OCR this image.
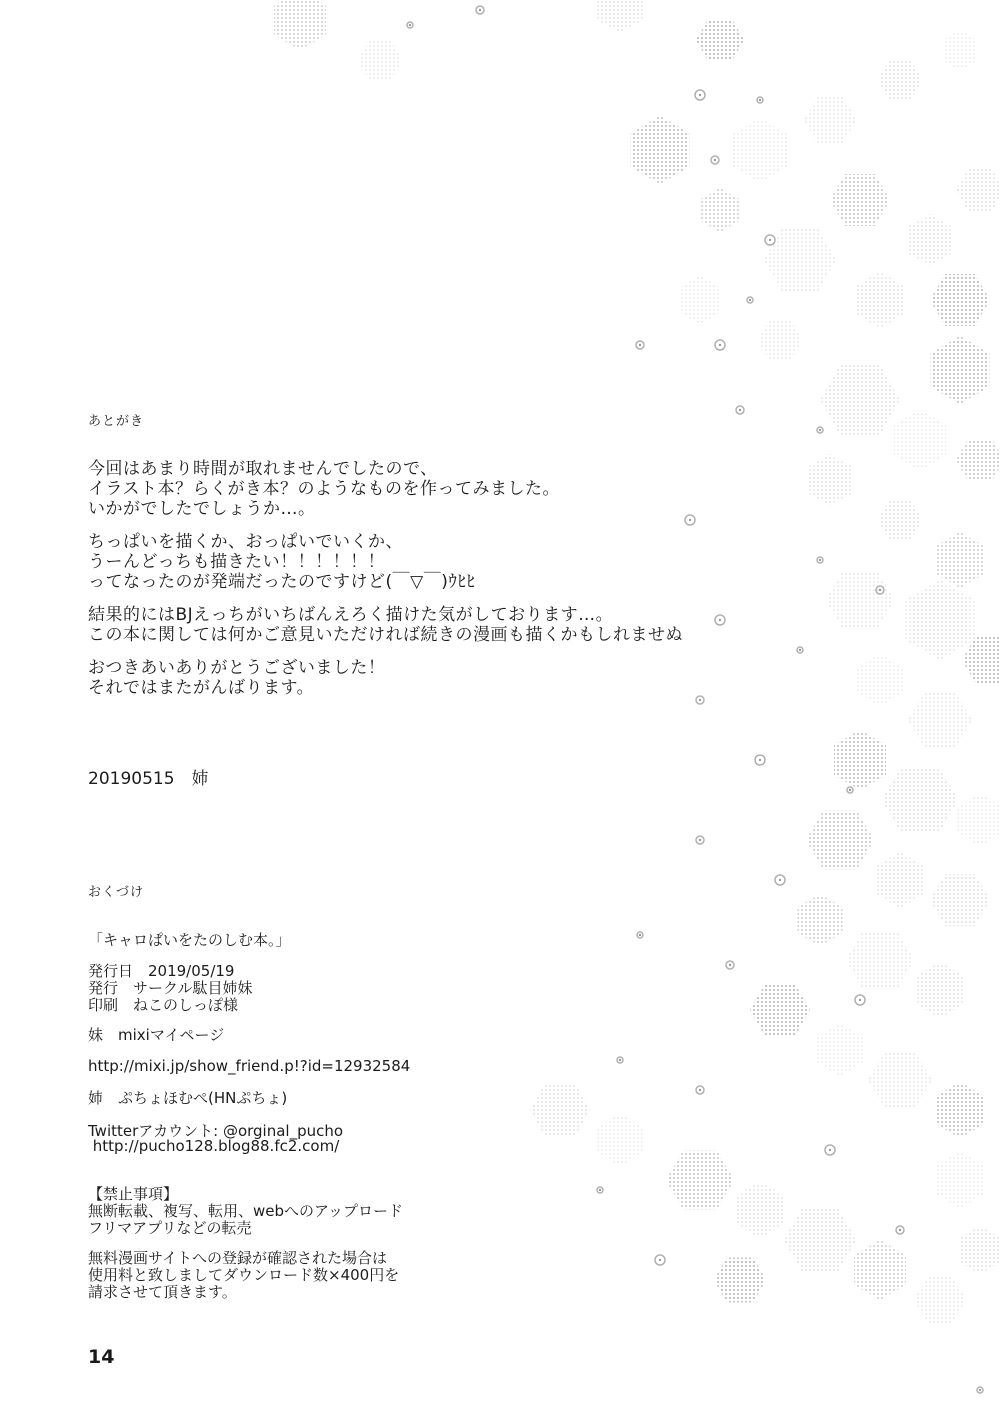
あとがき
今回はあまり時間が取れませんでしたので、
イラスト本？らくがき本？のようなものを作ってみました。
いかがでしたでしょうか…。
ちっぱいを描くか、おっぱいでいくか、
うーんどっちも描きたい！！！！！！
ってなったのが発端だったのですけど(￣▽￣)ｳﾋﾋ
結果的にはBJえっちがいちばんえろく描けた気がしております…。
この本に関しては何かご意見いただければ続きの漫画も描くかもしれませぬ
おつきあいありがとうございました！
それではまたがんばります。
20190515　姉
おくづけ
「キャロぱいをたのしむ本。」
発行日　2019/05/19
発行　サークル駄目姉妹
印刷　ねこのしっぽ様
妹　mixiマイページ
http://mixi.jp/show_friend.p!?id=12932584
姉　ぷちょほむぺ(HNぷちょ)
Twitterアカウント: @orginal_pucho
http://pucho128.blog88.fc2.com/
【禁止事項】
無断転載、複写、転用、webへのアップロード
フリマアプリなどの転売
無料漫画サイトへの登録が確認された場合は
使用料と致しましてダウンロード数×400円を
請求させて頂きます。
14
